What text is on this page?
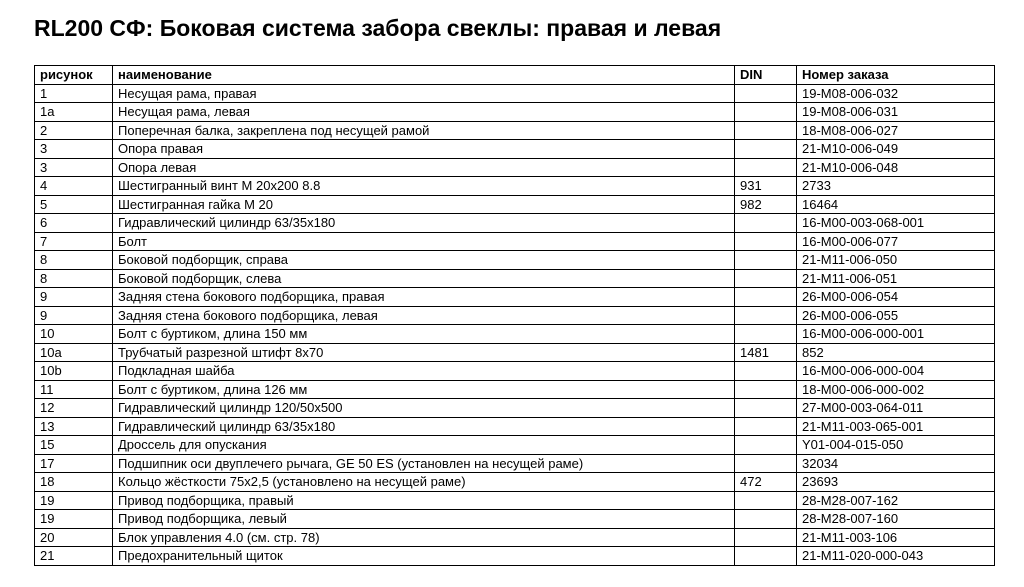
RL200 СФ: Боковая система забора свеклы: правая и левая
рисунок	наименование	DIN	Номер заказа
1	Несущая рама, правая		19-M08-006-032
1a	Несущая рама, левая		19-M08-006-031
2	Поперечная балка, закреплена под несущей рамой		18-M08-006-027
3	Опора правая		21-M10-006-049
3	Опора левая		21-M10-006-048
4	Шестигранный винт М 20x200 8.8	931	2733
5	Шестигранная гайка М 20	982	16464
6	Гидравлический цилиндр 63/35x180		16-M00-003-068-001
7	Болт		16-M00-006-077
8	Боковой подборщик, справа		21-M11-006-050
8	Боковой подборщик, слева		21-M11-006-051
9	Задняя стена бокового подборщика, правая		26-M00-006-054
9	Задняя стена бокового подборщика, левая		26-M00-006-055
10	Болт с буртиком, длина 150 мм		16-M00-006-000-001
10a	Трубчатый разрезной штифт 8x70	1481	852
10b	Подкладная шайба		16-M00-006-000-004
11	Болт с буртиком, длина 126 мм		18-M00-006-000-002
12	Гидравлический цилиндр 120/50x500		27-M00-003-064-011
13	Гидравлический цилиндр 63/35x180		21-M11-003-065-001
15	Дроссель для опускания		Y01-004-015-050
17	Подшипник оси двуплечего рычага, GE 50 ES (установлен на несущей раме)		32034
18	Кольцо жёсткости 75x2,5 (установлено на несущей раме)	472	23693
19	Привод подборщика, правый		28-M28-007-162
19	Привод подборщика, левый		28-M28-007-160
20	Блок управления 4.0 (см. стр. 78)		21-M11-003-106
21	Предохранительный щиток		21-M11-020-000-043
